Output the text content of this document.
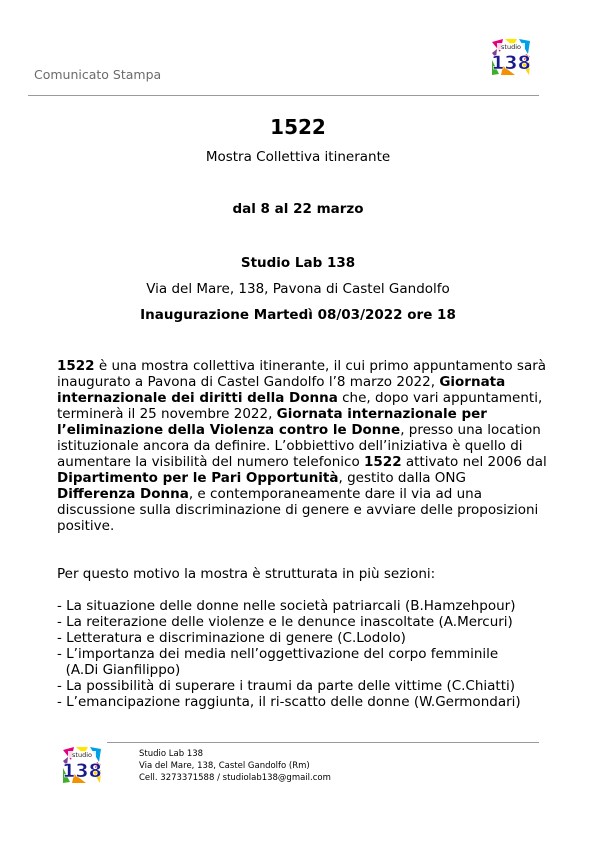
Comunicato Stampa
studio
138
1522
Mostra Collettiva itinerante
dal 8 al 22 marzo
Studio Lab 138
Via del Mare, 138, Pavona di Castel Gandolfo
Inaugurazione Martedì 08/03/2022 ore 18
1522 è una mostra collettiva itinerante, il cui primo appuntamento sarà inaugurato a Pavona di Castel Gandolfo l’8 marzo 2022, Giornata internazionale dei diritti della Donna che, dopo vari appuntamenti, terminerà il 25 novembre 2022, Giornata internazionale per l’eliminazione della Violenza contro le Donne, presso una location istituzionale ancora da definire. L’obbiettivo dell’iniziativa è quello di aumentare la visibilità del numero telefonico 1522 attivato nel 2006 dal Dipartimento per le Pari Opportunità, gestito dalla ONG Differenza Donna, e contemporaneamente dare il via ad una discussione sulla discriminazione di genere e avviare delle proposizioni positive.
Per questo motivo la mostra è strutturata in più sezioni:
- La situazione delle donne nelle società patriarcali (B.Hamzehpour)
- La reiterazione delle violenze e le denunce inascoltate (A.Mercuri)
- Letteratura e discriminazione di genere (C.Lodolo)
- L’importanza dei media nell’oggettivazione del corpo femminile
(A.Di Gianfilippo)
- La possibilità di superare i traumi da parte delle vittime (C.Chiatti)
- L’emancipazione raggiunta, il ri-scatto delle donne (W.Germondari)
studio
138
Studio Lab 138
Via del Mare, 138, Castel Gandolfo (Rm)
Cell. 3273371588 / studiolab138@gmail.com
